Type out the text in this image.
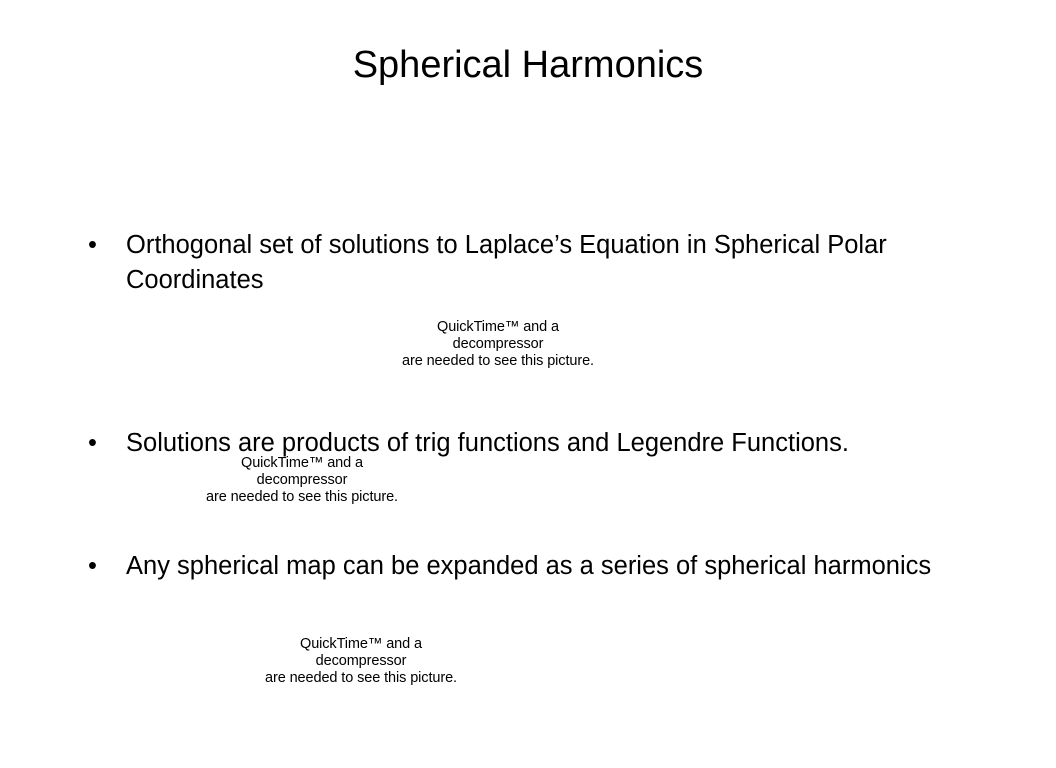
Spherical Harmonics
• Orthogonal set of solutions to Laplace’s Equation in Spherical Polar Coordinates
QuickTime™ and a
decompressor
are needed to see this picture.
• Solutions are products of trig functions and Legendre Functions.
QuickTime™ and a
decompressor
are needed to see this picture.
• Any spherical map can be expanded as a series of spherical harmonics
QuickTime™ and a
decompressor
are needed to see this picture.
